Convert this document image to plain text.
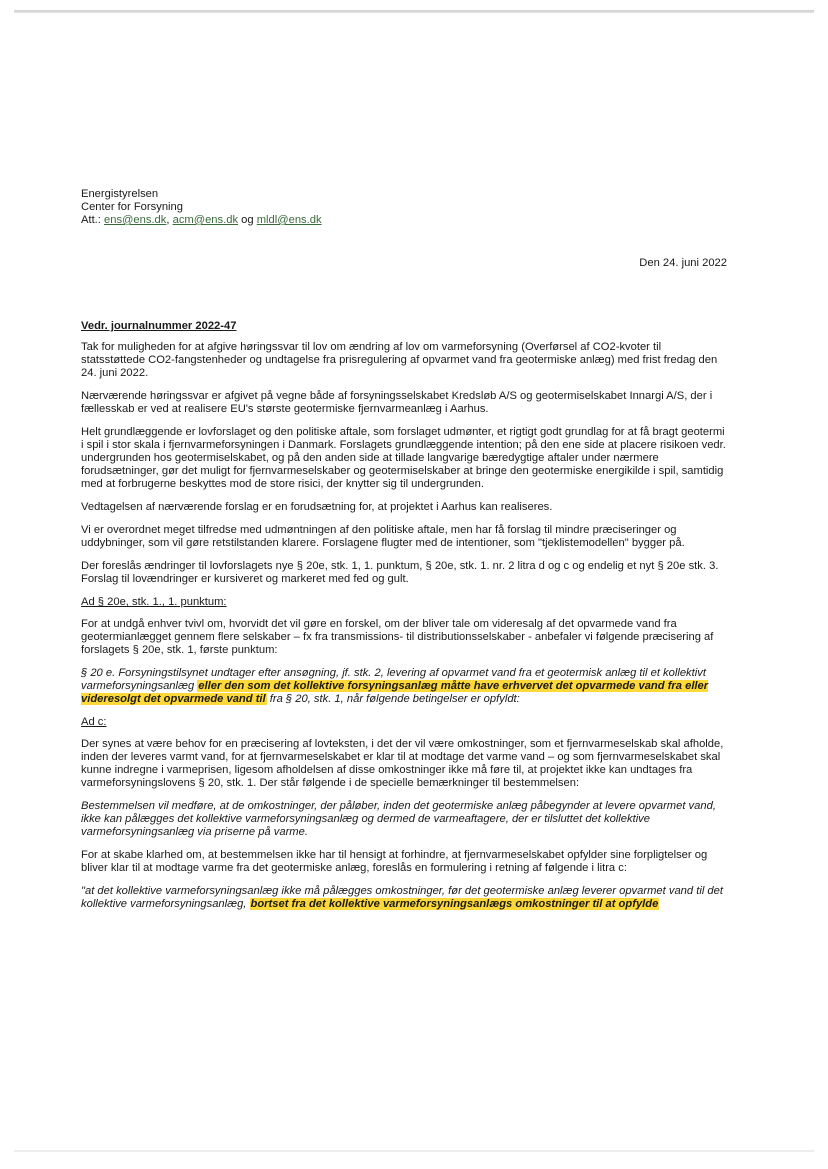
Energistyrelsen
Center for Forsyning
Att.: ens@ens.dk, acm@ens.dk og mldl@ens.dk
Den 24. juni 2022
Vedr. journalnummer 2022-47

Tak for muligheden for at afgive høringssvar til lov om ændring af lov om varmeforsyning (Overførsel af CO2-kvoter til statsstøttede CO2-fangstenheder og undtagelse fra prisregulering af opvarmet vand fra geotermiske anlæg) med frist fredag den 24. juni 2022.

Nærværende høringssvar er afgivet på vegne både af forsyningsselskabet Kredsløb A/S og geotermiselskabet Innargi A/S, der i fællesskab er ved at realisere EU's største geotermiske fjernvarmeanlæg i Aarhus.

Helt grundlæggende er lovforslaget og den politiske aftale, som forslaget udmønter, et rigtigt godt grundlag for at få bragt geotermi i spil i stor skala i fjernvarmeforsyningen i Danmark. Forslagets grundlæggende intention; på den ene side at placere risikoen vedr. undergrunden hos geotermiselskabet, og på den anden side at tillade langvarige bæredygtige aftaler under nærmere forudsætninger, gør det muligt for fjernvarmeselskaber og geotermiselskaber at bringe den geotermiske energikilde i spil, samtidig med at forbrugerne beskyttes mod de store risici, der knytter sig til undergrunden.

Vedtagelsen af nærværende forslag er en forudsætning for, at projektet i Aarhus kan realiseres.

Vi er overordnet meget tilfredse med udmøntningen af den politiske aftale, men har få forslag til mindre præciseringer og uddybninger, som vil gøre retstilstanden klarere. Forslagene flugter med de intentioner, som "tjeklistemodellen" bygger på.

Der foreslås ændringer til lovforslagets nye § 20e, stk. 1, 1. punktum, § 20e, stk. 1. nr. 2 litra d og c og endelig et nyt § 20e stk. 3. Forslag til lovændringer er kursiveret og markeret med fed og gult.

Ad § 20e, stk. 1., 1. punktum:

For at undgå enhver tvivl om, hvorvidt det vil gøre en forskel, om der bliver tale om videresalg af det opvarmede vand fra geotermianlægget gennem flere selskaber – fx fra transmissions- til distributionsselskaber - anbefaler vi følgende præcisering af forslagets § 20e, stk. 1, første punktum:

§ 20 e. Forsyningstilsynet undtager efter ansøgning, jf. stk. 2, levering af opvarmet vand fra et geotermisk anlæg til et kollektivt varmeforsyningsanlæg eller den som det kollektive forsyningsanlæg måtte have erhvervet det opvarmede vand fra eller videresolgt det opvarmede vand til fra § 20, stk. 1, når følgende betingelser er opfyldt:

Ad c:

Der synes at være behov for en præcisering af lovteksten, i det der vil være omkostninger, som et fjernvarmeselskab skal afholde, inden der leveres varmt vand, for at fjernvarmeselskabet er klar til at modtage det varme vand – og som fjernvarmeselskabet skal kunne indregne i varmeprisen, ligesom afholdelsen af disse omkostninger ikke må føre til, at projektet ikke kan undtages fra varmeforsyningslovens § 20, stk. 1. Der står følgende i de specielle bemærkninger til bestemmelsen:

Bestemmelsen vil medføre, at de omkostninger, der påløber, inden det geotermiske anlæg påbegynder at levere opvarmet vand, ikke kan pålægges det kollektive varmeforsyningsanlæg og dermed de varmeaftagere, der er tilsluttet det kollektive varmeforsyningsanlæg via priserne på varme.

For at skabe klarhed om, at bestemmelsen ikke har til hensigt at forhindre, at fjernvarmeselskabet opfylder sine forpligtelser og bliver klar til at modtage varme fra det geotermiske anlæg, foreslås en formulering i retning af følgende i litra c:

"at det kollektive varmeforsyningsanlæg ikke må pålægges omkostninger, før det geotermiske anlæg leverer opvarmet vand til det kollektive varmeforsyningsanlæg, bortset fra det kollektive varmeforsyningsanlægs omkostninger til at opfylde
